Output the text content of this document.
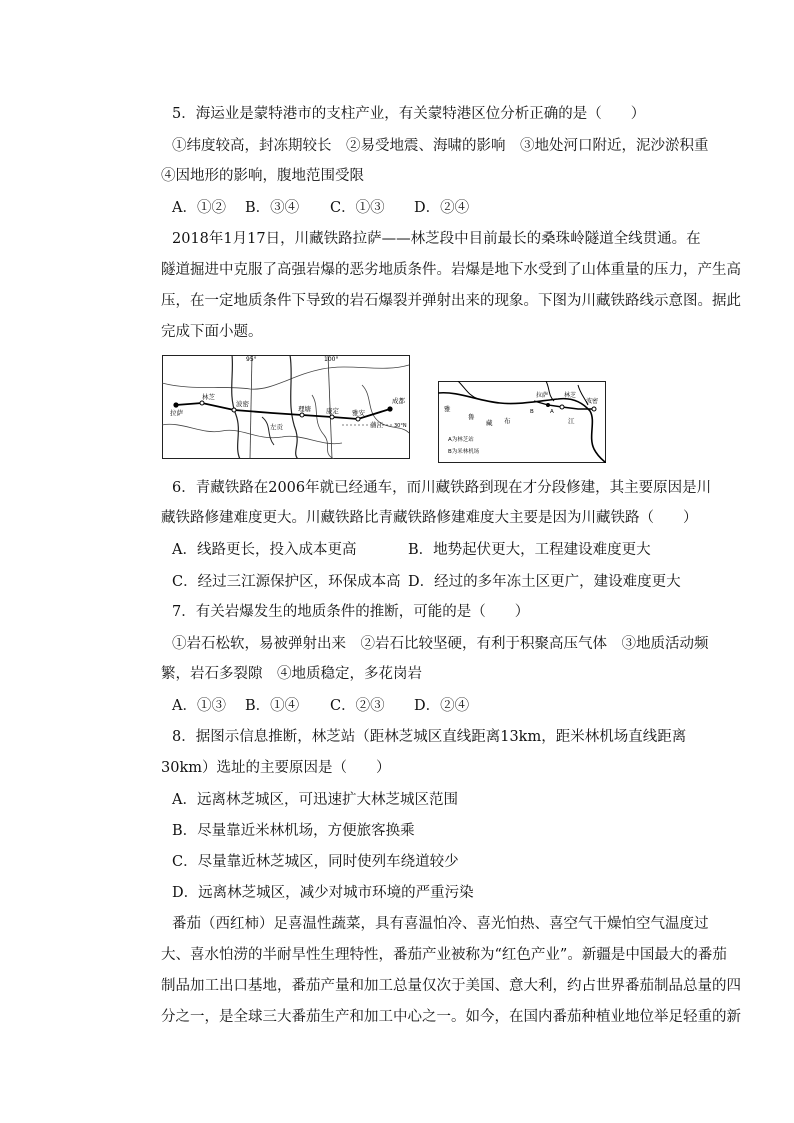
5．海运业是蒙特港市的支柱产业，有关蒙特港区位分析正确的是（　　）
①纬度较高，封冻期较长　②易受地震、海啸的影响　③地处河口附近，泥沙淤积重
④因地形的影响，腹地范围受限
A．①② B．③④ C．①③ D．②④
2018年1月17日，川藏铁路拉萨——林芝段中目前最长的桑珠岭隧道全线贯通。在
隧道掘进中克服了高强岩爆的恶劣地质条件。岩爆是地下水受到了山体重量的压力，产生高
压，在一定地质条件下导致的岩石爆裂并弹射出来的现象。下图为川藏铁路线示意图。据此
完成下面小题。
95°	100°
30°N
拉萨
林芝
波密
左贡
理塘 康定 雅安
成都
蒲江
雅
鲁
藏 布	江
拉萨	林芝
波密
A
B
A为林芝站
B为米林机场
6．青藏铁路在2006年就已经通车，而川藏铁路到现在才分段修建，其主要原因是川
藏铁路修建难度更大。川藏铁路比青藏铁路修建难度大主要是因为川藏铁路（　　）
A．线路更长，投入成本更高	B．地势起伏更大，工程建设难度更大
C．经过三江源保护区，环保成本高 D．经过的多年冻土区更广，建设难度更大
7．有关岩爆发生的地质条件的推断，可能的是（　　）
①岩石松软，易被弹射出来　②岩石比较坚硬，有利于积聚高压气体　③地质活动频
繁，岩石多裂隙　④地质稳定，多花岗岩
A．①③ B．①④ C．②③ D．②④
8．据图示信息推断，林芝站（距林芝城区直线距离13km，距米林机场直线距离
30km）选址的主要原因是（　　）
A．远离林芝城区，可迅速扩大林芝城区范围
B．尽量靠近米林机场，方便旅客换乘
C．尽量靠近林芝城区，同时使列车绕道较少
D．远离林芝城区，减少对城市环境的严重污染
番茄（西红柿）足喜温性蔬菜，具有喜温怕冷、喜光怕热、喜空气干燥怕空气温度过
大、喜水怕涝的半耐旱性生理特性，番茄产业被称为“红色产业”。新疆是中国最大的番茄
制品加工出口基地，番茄产量和加工总量仅次于美国、意大利，约占世界番茄制品总量的四
分之一，是全球三大番茄生产和加工中心之一。如今，在国内番茄种植业地位举足轻重的新
